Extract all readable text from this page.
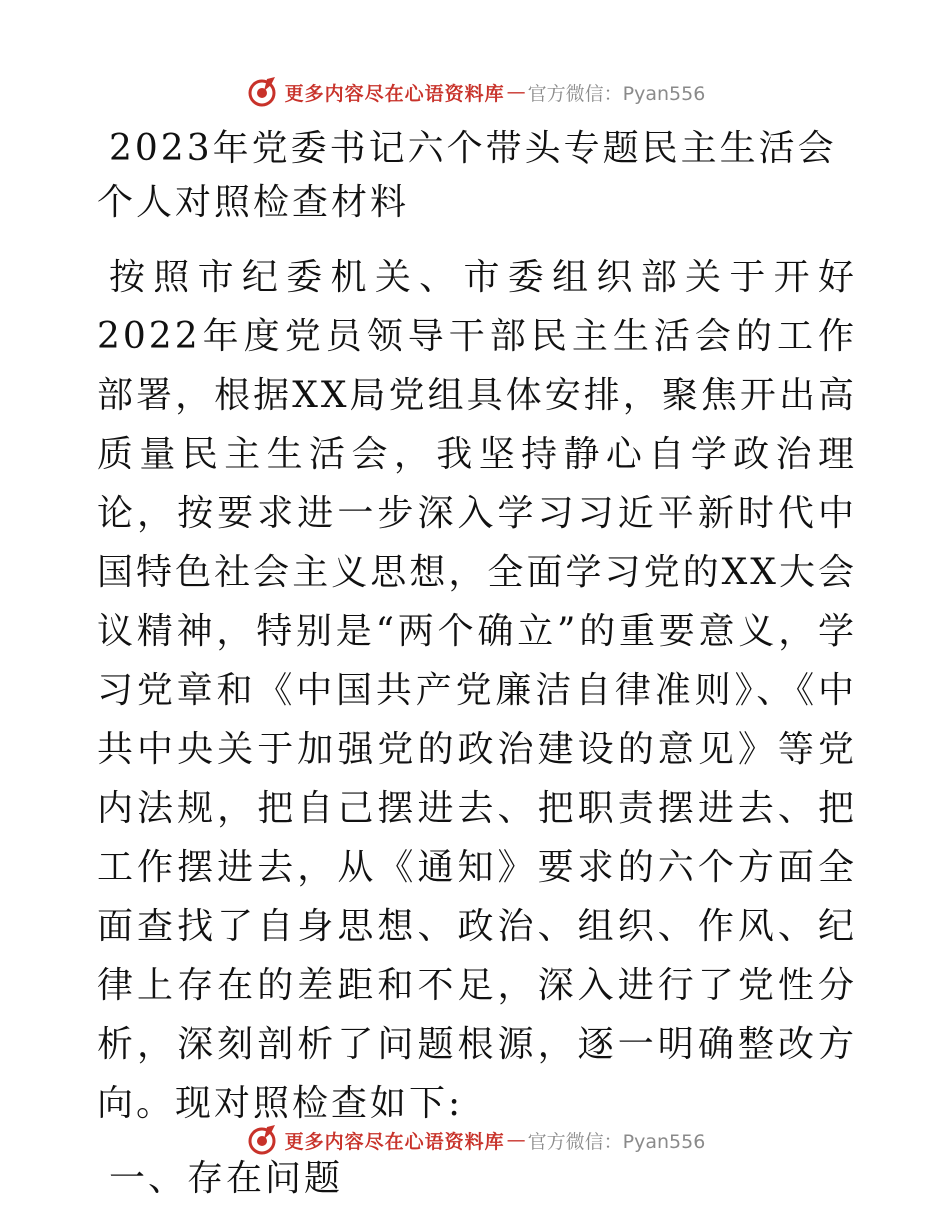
更多内容尽在心语资料库 — 官方微信：Pyan556
2023年党委书记六个带头专题民主生活会个人对照检查材料

按照市纪委机关、市委组织部关于开好2022年度党员领导干部民主生活会的工作部署，根据XX局党组具体安排，聚焦开出高质量民主生活会，我坚持静心自学政治理论，按要求进一步深入学习习近平新时代中国特色社会主义思想，全面学习党的XX大会议精神，特别是“两个确立”的重要意义，学习党章和《中国共产党廉洁自律准则》、《中共中央关于加强党的政治建设的意见》等党内法规，把自己摆进去、把职责摆进去、把工作摆进去，从《通知》要求的六个方面全面查找了自身思想、政治、组织、作风、纪律上存在的差距和不足，深入进行了党性分析，深刻剖析了问题根源，逐一明确整改方向。现对照检查如下:

一、存在问题
更多内容尽在心语资料库 — 官方微信：Pyan556
